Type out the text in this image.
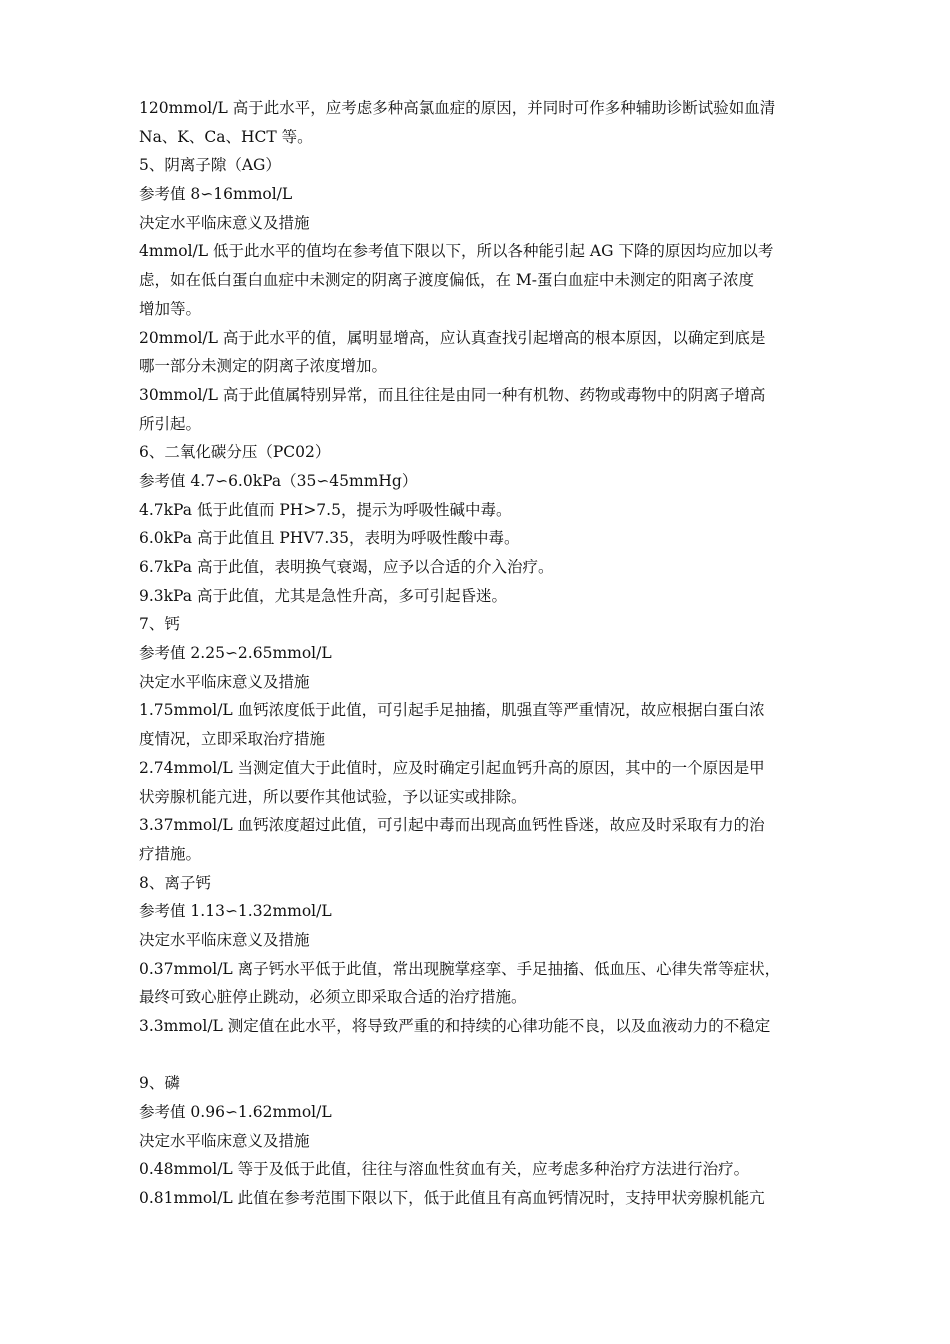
120mmol/L 高于此水平，应考虑多种高氯血症的原因，并同时可作多种辅助诊断试验如血清
Na、K、Ca、HCT 等。
5、阴离子隙（AG）
参考值 8∽16mmol/L
决定水平临床意义及措施
4mmol/L 低于此水平的值均在参考值下限以下，所以各种能引起 AG 下降的原因均应加以考
虑，如在低白蛋白血症中未测定的阴离子渡度偏低，在 M-蛋白血症中未测定的阳离子浓度
增加等。
20mmol/L 高于此水平的值，属明显增高，应认真查找引起增高的根本原因，以确定到底是
哪一部分未测定的阴离子浓度增加。
30mmol/L 高于此值属特别异常，而且往往是由同一种有机物、药物或毒物中的阴离子增高
所引起。
6、二氧化碳分压（PC02）
参考值 4.7∽6.0kPa（35∽45mmHg）
4.7kPa 低于此值而 PH>7.5，提示为呼吸性碱中毒。
6.0kPa 高于此值且 PHV7.35，表明为呼吸性酸中毒。
6.7kPa 高于此值，表明换气衰竭，应予以合适的介入治疗。
9.3kPa 高于此值，尤其是急性升高，多可引起昏迷。
7、钙
参考值 2.25∽2.65mmol/L
决定水平临床意义及措施
1.75mmol/L 血钙浓度低于此值，可引起手足抽搐，肌强直等严重情况，故应根据白蛋白浓
度情况，立即采取治疗措施
2.74mmol/L 当测定值大于此值时，应及时确定引起血钙升高的原因，其中的一个原因是甲
状旁腺机能亢进，所以要作其他试验，予以证实或排除。
3.37mmol/L 血钙浓度超过此值，可引起中毒而出现高血钙性昏迷，故应及时采取有力的治
疗措施。
8、离子钙
参考值 1.13∽1.32mmol/L
决定水平临床意义及措施
0.37mmol/L 离子钙水平低于此值，常出现腕掌痉挛、手足抽搐、低血压、心律失常等症状，
最终可致心脏停止跳动，必须立即采取合适的治疗措施。
3.3mmol/L 测定值在此水平，将导致严重的和持续的心律功能不良，以及血液动力的不稳定
9、磷
参考值 0.96∽1.62mmol/L
决定水平临床意义及措施
0.48mmol/L 等于及低于此值，往往与溶血性贫血有关，应考虑多种治疗方法进行治疗。
0.81mmol/L 此值在参考范围下限以下，低于此值且有高血钙情况时，支持甲状旁腺机能亢
